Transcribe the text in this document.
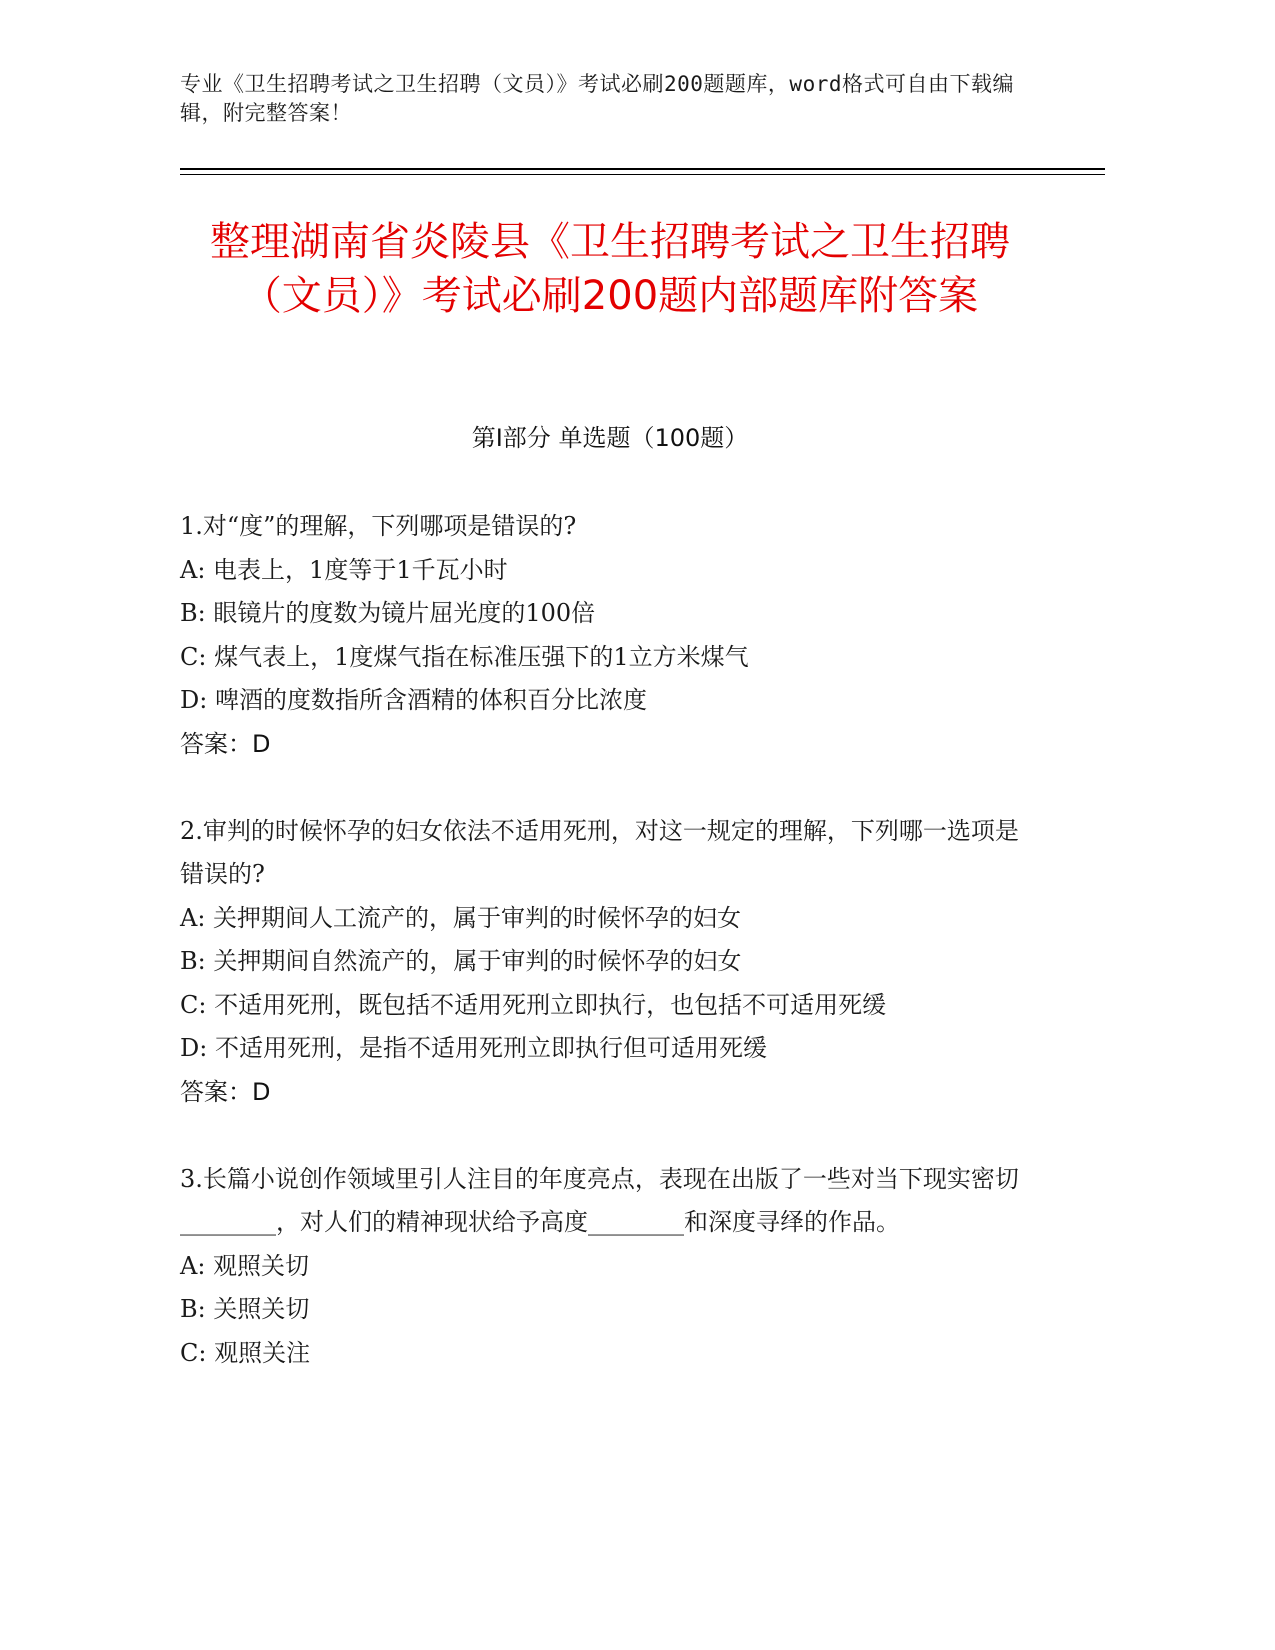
专业《卫生招聘考试之卫生招聘（文员）》考试必刷200题题库，word格式可自由下载编辑，附完整答案！
整理湖南省炎陵县《卫生招聘考试之卫生招聘（文员）》考试必刷200题内部题库附答案
第I部分 单选题（100题）

1.对“度”的理解，下列哪项是错误的?

A: 电表上，1度等于1千瓦小时

B: 眼镜片的度数为镜片屈光度的100倍

C: 煤气表上，1度煤气指在标准压强下的1立方米煤气

D: 啤酒的度数指所含酒精的体积百分比浓度

答案：D

2.审判的时候怀孕的妇女依法不适用死刑，对这一规定的理解，下列哪一选项是错误的?

A: 关押期间人工流产的，属于审判的时候怀孕的妇女

B: 关押期间自然流产的，属于审判的时候怀孕的妇女

C: 不适用死刑，既包括不适用死刑立即执行，也包括不可适用死缓

D: 不适用死刑，是指不适用死刑立即执行但可适用死缓

答案：D

3.长篇小说创作领域里引人注目的年度亮点，表现在出版了一些对当下现实密切________，对人们的精神现状给予高度________和深度寻绎的作品。

A: 观照关切

B: 关照关切

C: 观照关注
